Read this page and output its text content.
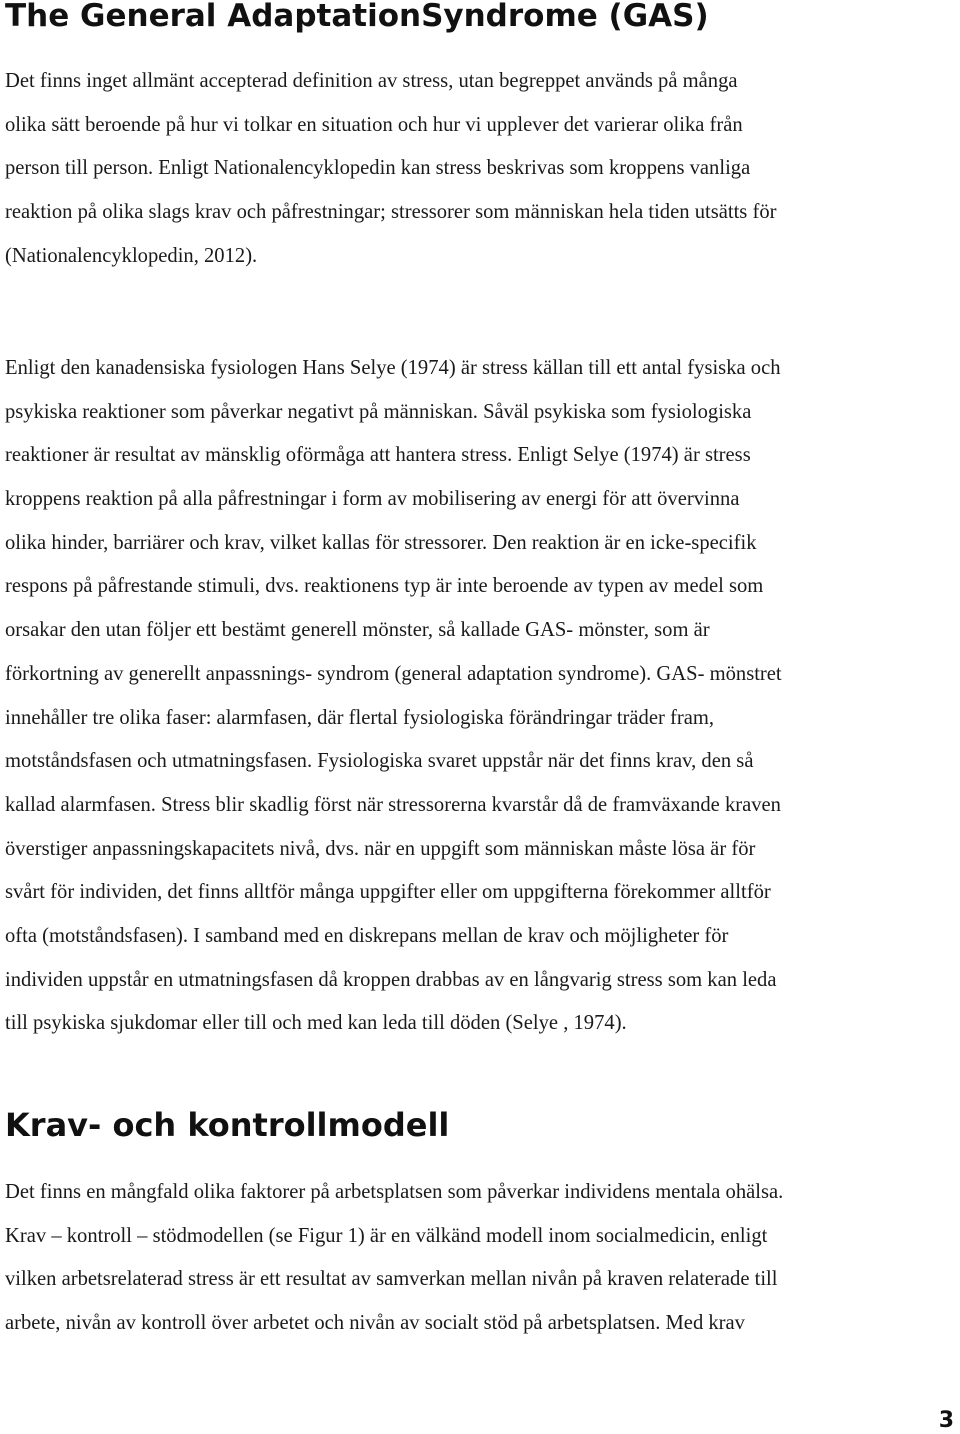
The General AdaptationSyndrome (GAS)
Det finns inget allmänt accepterad definition av stress, utan begreppet används på många
olika sätt beroende på hur vi tolkar en situation och hur vi upplever det varierar olika från
person till person. Enligt Nationalencyklopedin kan stress beskrivas som kroppens vanliga
reaktion på olika slags krav och påfrestningar; stressorer som människan hela tiden utsätts för
(Nationalencyklopedin, 2012).
Enligt den kanadensiska fysiologen Hans Selye (1974) är stress källan till ett antal fysiska och
psykiska reaktioner som påverkar negativt på människan. Såväl psykiska som fysiologiska
reaktioner är resultat av mänsklig oförmåga att hantera stress. Enligt Selye (1974) är stress
kroppens reaktion på alla påfrestningar i form av mobilisering av energi för att övervinna
olika hinder, barriärer och krav, vilket kallas för stressorer. Den reaktion är en icke-specifik
respons på påfrestande stimuli, dvs. reaktionens typ är inte beroende av typen av medel som
orsakar den utan följer ett bestämt generell mönster, så kallade GAS- mönster, som är
förkortning av generellt anpassnings- syndrom (general adaptation syndrome). GAS- mönstret
innehåller tre olika faser: alarmfasen, där flertal fysiologiska förändringar träder fram,
motståndsfasen och utmatningsfasen. Fysiologiska svaret uppstår när det finns krav, den så
kallad alarmfasen. Stress blir skadlig först när stressorerna kvarstår då de framväxande kraven
överstiger anpassningskapacitets nivå, dvs. när en uppgift som människan måste lösa är för
svårt för individen, det finns alltför många uppgifter eller om uppgifterna förekommer alltför
ofta (motståndsfasen). I samband med en diskrepans mellan de krav och möjligheter för
individen uppstår en utmatningsfasen då kroppen drabbas av en långvarig stress som kan leda
till psykiska sjukdomar eller till och med kan leda till döden (Selye , 1974).
Krav- och kontrollmodell
Det finns en mångfald olika faktorer på arbetsplatsen som påverkar individens mentala ohälsa.
Krav – kontroll – stödmodellen (se Figur 1) är en välkänd modell inom socialmedicin, enligt
vilken arbetsrelaterad stress är ett resultat av samverkan mellan nivån på kraven relaterade till
arbete, nivån av kontroll över arbetet och nivån av socialt stöd på arbetsplatsen. Med krav
3
